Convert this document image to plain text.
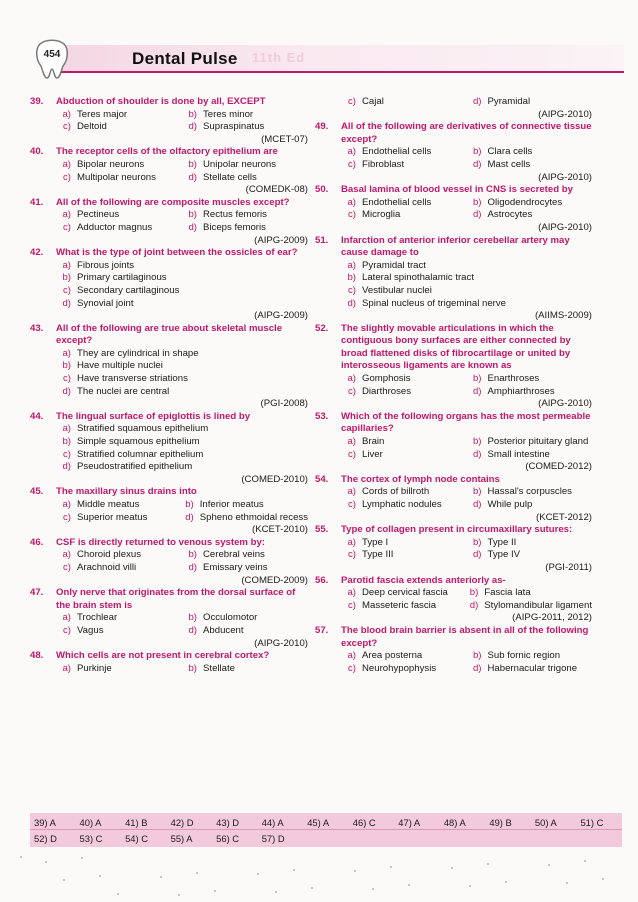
454	Dental Pulse 11th Ed
39.	Abduction of shoulder is done by all, EXCEPT
a) Teres major	b) Teres minor
c) Deltoid	d) Supraspinatus
(MCET-07)
40.	The receptor cells of the olfactory epithelium are
a) Bipolar neurons	b) Unipolar neurons
c) Multipolar neurons	d) Stellate cells
(COMEDK-08)
41.	All of the following are composite muscles except?
a) Pectineus	b) Rectus femoris
c) Adductor magnus	d) Biceps femoris
(AIPG-2009)
42.	What is the type of joint between the ossicles of ear?
a) Fibrous joints
b) Primary cartilaginous
c) Secondary cartilaginous
d) Synovial joint
(AIPG-2009)
43.	All of the following are true about skeletal muscle except?
a) They are cylindrical in shape
b) Have multiple nuclei
c) Have transverse striations
d) The nuclei are central
(PGI-2008)
44.	The lingual surface of epiglottis is lined by
a) Stratified squamous epithelium
b) Simple squamous epithelium
c) Stratified columnar epithelium
d) Pseudostratified epithelium
(COMED-2010)
45.	The maxillary sinus drains into
a) Middle meatus	b) Inferior meatus
c) Superior meatus	d) Spheno ethmoidal recess
(KCET-2010)
46.	CSF is directly returned to venous system by:
a) Choroid plexus	b) Cerebral veins
c) Arachnoid villi	d) Emissary veins
(COMED-2009)
47.	Only nerve that originates from the dorsal surface of the brain stem is
a) Trochlear	b) Occulomotor
c) Vagus	d) Abducent
(AIPG-2010)
48.	Which cells are not present in cerebral cortex?
a) Purkinje	b) Stellate
c) Cajal	d) Pyramidal
(AIPG-2010)
49.	All of the following are derivatives of connective tissue except?
a) Endothelial cells	b) Clara cells
c) Fibroblast	d) Mast cells
(AIPG-2010)
50.	Basal lamina of blood vessel in CNS is secreted by
a) Endothelial cells	b) Oligodendrocytes
c) Microglia	d) Astrocytes
(AIPG-2010)
51.	Infarction of anterior inferior cerebellar artery may cause damage to
a) Pyramidal tract
b) Lateral spinothalamic tract
c) Vestibular nuclei
d) Spinal nucleus of trigeminal nerve
(AIIMS-2009)
52.	The slightly movable articulations in which the contiguous bony surfaces are either connected by broad flattened disks of fibrocartilage or united by interosseous ligaments are known as
a) Gomphosis	b) Enarthroses
c) Diarthroses	d) Amphiarthroses
(AIPG-2010)
53.	Which of the following organs has the most permeable capillaries?
a) Brain	b) Posterior pituitary gland
c) Liver	d) Small intestine
(COMED-2012)
54.	The cortex of lymph node contains
a) Cords of billroth	b) Hassal's corpuscles
c) Lymphatic nodules	d) While pulp
(KCET-2012)
55.	Type of collagen present in circumaxillary sutures:
a) Type I	b) Type II
c) Type III	d) Type IV
(PGI-2011)
56.	Parotid fascia extends anteriorly as-
a) Deep cervical fascia	b) Fascia lata
c) Masseteric fascia	d) Stylomandibular ligament
(AIPG-2011, 2012)
57.	The blood brain barrier is absent in all of the following except?
a) Area posterna	b) Sub fornic region
c) Neurohypophysis	d) Habernacular trigone
39) A	40) A	41) B 42) D 43) D 44) A	45) A	46) C 47) A	48) A	49) B 50) A	51) C
52) D 53) C 54) C 55) A	56) C 57) D
